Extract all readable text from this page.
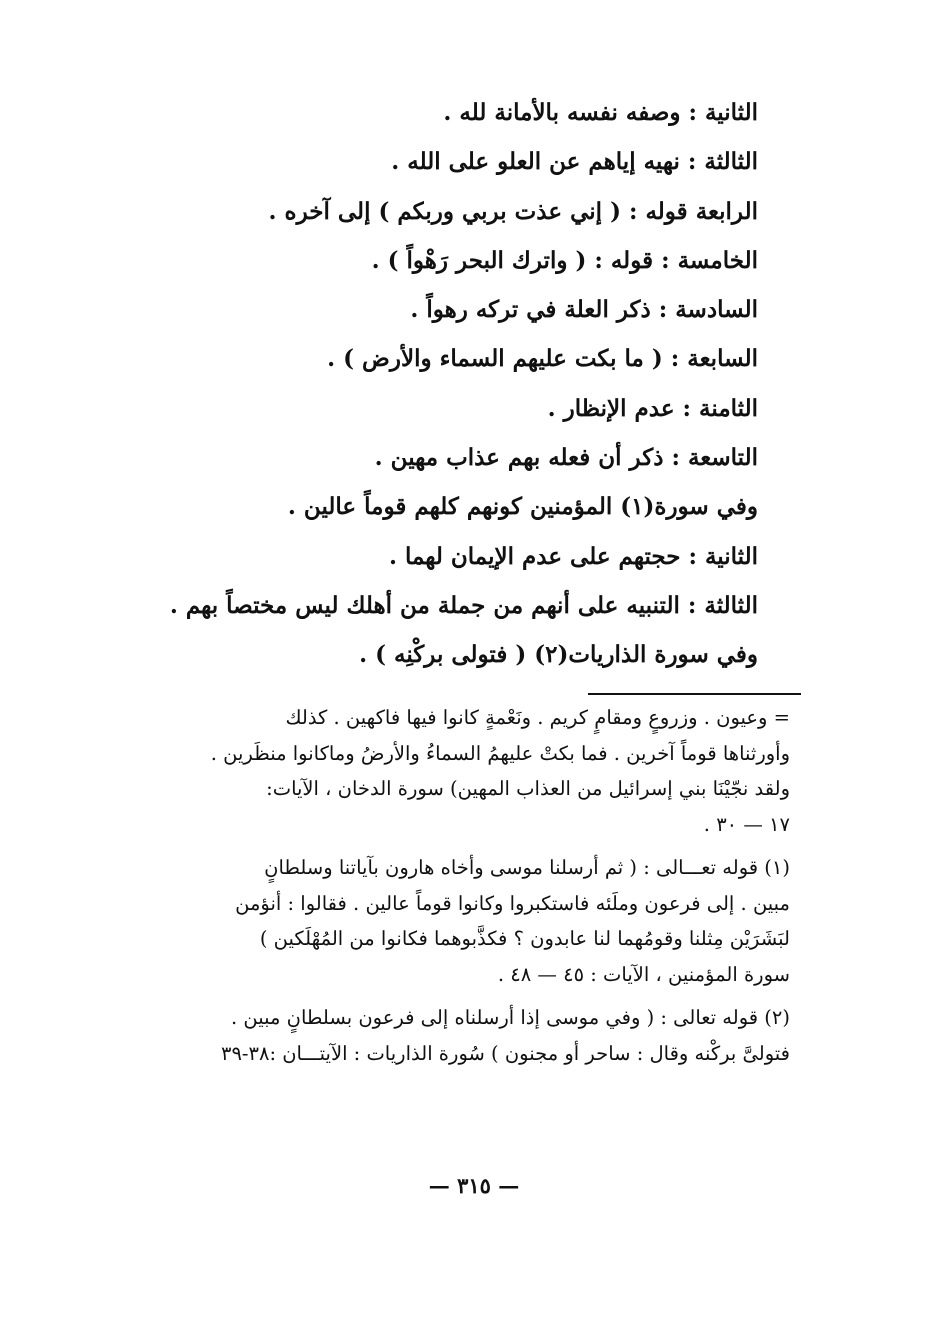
الثانية : وصفه نفسه بالأمانة لله .
الثالثة : نهيه إياهم عن العلو على الله .
الرابعة قوله : ( إني عذت بربي وربكم ) إلى آخره .
الخامسة : قوله : ( واترك البحر رَهْواً ) .
السادسة : ذكر العلة في تركه رهواً .
السابعة : ( ما بكت عليهم السماء والأرض ) .
الثامنة : عدم الإنظار .
التاسعة : ذكر أن فعله بهم عذاب مهين .
وفي سورة(١) المؤمنين كونهم كلهم قوماً عالين .
الثانية : حجتهم على عدم الإيمان لهما .
الثالثة : التنبيه على أنهم من جملة من أهلك ليس مختصاً بهم .
وفي سورة الذاريات(٢) ( فتولى بركْنِه ) .
= وعيون . وزروعٍ ومقامٍ كريم . ونَعْمةٍ كانوا فيها فاكهين . كذلك
وأورثناها قوماً آخرين . فما بكتْ عليهمُ السماءُ والأرضُ وماكانوا منظَرين .
ولقد نجّيْنَا بني إسرائيل من العذاب المهين) سورة الدخان ، الآيات:
١٧ — ٣٠ .
(١) قوله تعـــالى : ( ثم أرسلنا موسى وأخاه هارون بآياتنا وسلطانٍ
مبين . إلى فرعون وملَئه فاستكبروا وكانوا قوماً عالين . فقالوا : أنؤمن
لبَشَرَيْن مِثلنا وقومُهما لنا عابدون ؟ فكذَّبوهما فكانوا من المُهْلَكين )
سورة المؤمنين ، الآيات : ٤٥ — ٤٨ .
(٢) قوله تعالى : ( وفي موسى إذا أرسلناه إلى فرعون بسلطانٍ مبين .
فتولىَّ بركْنه وقال : ساحر أو مجنون ) سُورة الذاريات : الآيتـــان :٣٨-٣٩
— ٣١٥ —
